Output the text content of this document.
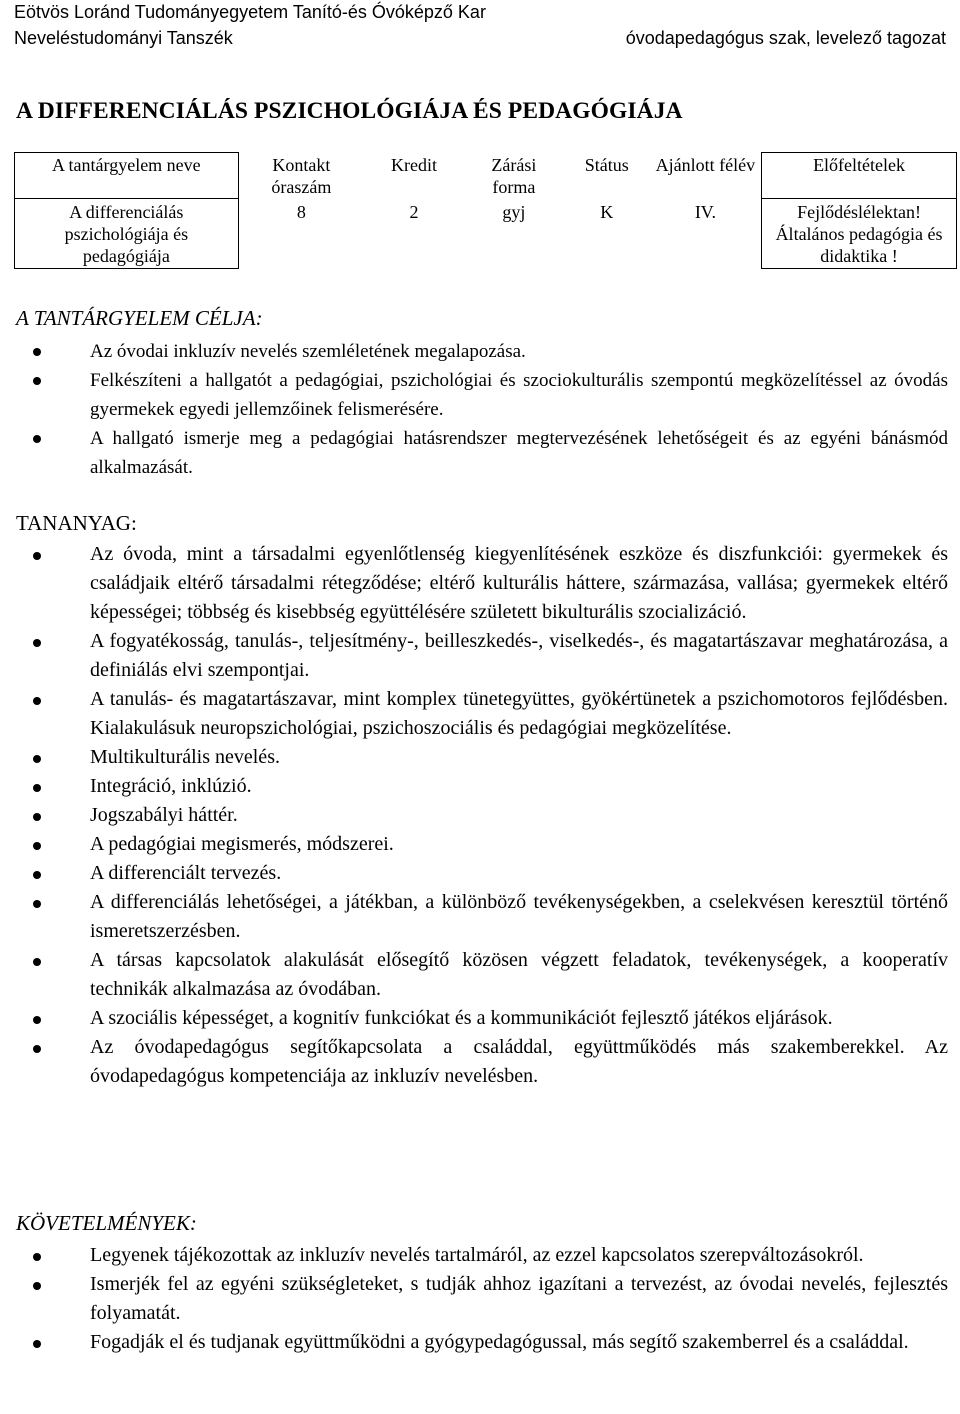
Eötvös Loránd Tudományegyetem Tanító-és Óvóképző Kar
Neveléstudományi Tanszék	óvodapedagógus szak, levelező tagozat
A DIFFERENCIÁLÁS PSZICHOLÓGIÁJA ÉS PEDAGÓGIÁJA
A tantárgyelem neve	Kontakt óraszám	Kredit	Zárási forma	Státus	Ajánlott félév	Előfeltételek
A differenciálás pszichológiája és pedagógiája	8	2	gyj	K	IV.	Fejlődéslélektan! Általános pedagógia és didaktika !
A TANTÁRGYELEM CÉLJA:
Az óvodai inkluzív nevelés szemléletének megalapozása.
Felkészíteni a hallgatót a pedagógiai, pszichológiai és szociokulturális szempontú megközelítéssel az óvodás gyermekek egyedi jellemzőinek felismerésére.
A hallgató ismerje meg a pedagógiai hatásrendszer megtervezésének lehetőségeit és az egyéni bánásmód alkalmazását.
TANANYAG:
Az óvoda, mint a társadalmi egyenlőtlenség kiegyenlítésének eszköze és diszfunkciói: gyermekek és családjaik eltérő társadalmi rétegződése; eltérő kulturális háttere, származása, vallása; gyermekek eltérő képességei; többség és kisebbség együttélésére született bikulturális szocializáció.
A fogyatékosság, tanulás-, teljesítmény-, beilleszkedés-, viselkedés-, és magatartászavar meghatározása, a definiálás elvi szempontjai.
A tanulás- és magatartászavar, mint komplex tünetegyüttes, gyökértünetek a pszichomotoros fejlődésben. Kialakulásuk neuropszichológiai, pszichoszociális és pedagógiai megközelítése.
Multikulturális nevelés.
Integráció, inklúzió.
Jogszabályi háttér.
A pedagógiai megismerés, módszerei.
A differenciált tervezés.
A differenciálás lehetőségei, a játékban, a különböző tevékenységekben, a cselekvésen keresztül történő ismeretszerzésben.
A társas kapcsolatok alakulását elősegítő közösen végzett feladatok, tevékenységek, a kooperatív technikák alkalmazása az óvodában.
A szociális képességet, a kognitív funkciókat és a kommunikációt fejlesztő játékos eljárások.
Az óvodapedagógus segítőkapcsolata a családdal, együttműködés más szakemberekkel. Az óvodapedagógus kompetenciája az inkluzív nevelésben.
KÖVETELMÉNYEK:
Legyenek tájékozottak az inkluzív nevelés tartalmáról, az ezzel kapcsolatos szerepváltozásokról.
Ismerjék fel az egyéni szükségleteket, s tudják ahhoz igazítani a tervezést, az óvodai nevelés, fejlesztés folyamatát.
Fogadják el és tudjanak együttműködni a gyógypedagógussal, más segítő szakemberrel és a családdal.
